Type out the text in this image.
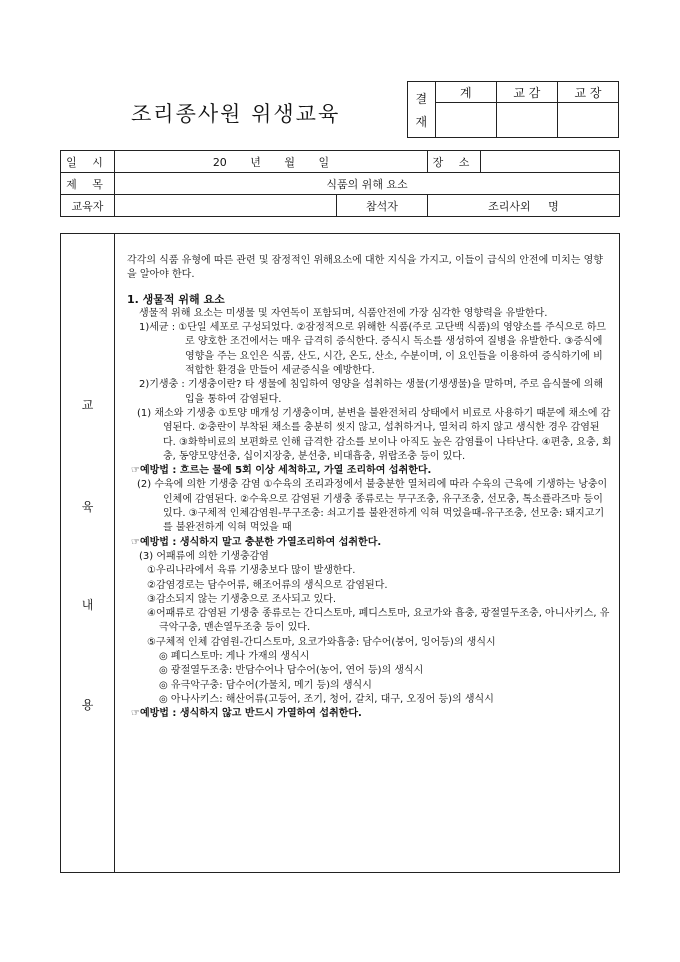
조리종사원 위생교육
결
재	계	교 감	교 장

일 시	20 년 월 일		장 소	
제 목	식품의 위해 요소			
교육자		참석자	조리사외 명	
교
육
내
용

각각의 식품 유형에 따른 관련 및 잠정적인 위해요소에 대한 지식을 가지고, 이들이 급식의 안전에 미치는 영향을 알아야 한다.

1. 생물적 위해 요소

생물적 위해 요소는 미생물 및 자연독이 포함되며, 식품안전에 가장 심각한 영향력을 유발한다.

1)세균 : ①단일 세포로 구성되었다. ②잠정적으로 위해한 식품(주로 고단백 식품)의 영양소를 주식으로 하므로 양호한 조건에서는 매우 급격히 증식한다. 증식시 독소를 생성하여 질병을 유발한다. ③증식에 영향을 주는 요인은 식품, 산도, 시간, 온도, 산소, 수분이며, 이 요인들을 이용하여 증식하기에 비 적합한 환경을 만들어 세균증식을 예방한다.

2)기생충 : 기생충이란? 타 생물에 침입하여 영양을 섭취하는 생물(기생생물)을 말하며, 주로 음식물에 의해 입을 통하여 감염된다.

(1) 채소와 기생충 ①토양 매개성 기생충이며, 분변을 불완전처리 상태에서 비료로 사용하기 때문에 채소에 감염된다. ②충란이 부착된 채소를 충분히 씻지 않고, 섭취하거나, 열처리 하지 않고 생식한 경우 감염된다. ③화학비료의 보편화로 인해 급격한 감소를 보이나 아직도 높은 감염률이 나타난다. ④편충, 요충, 회충, 동양모양선충, 십이지장충, 분선충, 비대흡충, 위랍조충 등이 있다.

☞예방법 : 흐르는 물에 5회 이상 세척하고, 가열 조리하여 섭취한다.

(2) 수육에 의한 기생충 감염 ①수육의 조리과정에서 불충분한 열처리에 따라 수육의 근육에 기생하는 낭충이 인체에 감염된다. ②수육으로 감염된 기생충 종류로는 무구조충, 유구조충, 선모충, 톡소플라즈마 등이 있다. ③구체적 인체감염원-무구조충: 쇠고기를 불완전하게 익혀 먹었을때-유구조충, 선모충: 돼지고기를 불완전하게 익혀 먹었을 때

☞예방법 : 생식하지 말고 충분한 가열조리하여 섭취한다.

(3) 어패류에 의한 기생충감염

①우리나라에서 육류 기생충보다 많이 발생한다.

②감염경로는 담수어류, 해조어류의 생식으로 감염된다.

③감소되지 않는 기생충으로 조사되고 있다.

④어패류로 감염된 기생충 종류로는 간디스토마, 폐디스토마, 요코가와 흡충, 광절열두조충, 아니사키스, 유극악구충, 맨손열두조충 등이 있다.

⑤구체적 인체 감염원-간디스토마, 요코가와흡충: 담수어(붕어, 잉어등)의 생식시

◎ 폐디스토마: 게나 가재의 생식시

◎ 광절열두조충: 반담수어나 담수어(농어, 연어 등)의 생식시

◎ 유극악구충: 담수어(가물치, 메기 등)의 생식시

◎ 아나사키스: 해산어류(고등어, 조기, 청어, 갈치, 대구, 오징어 등)의 생식시

☞예방법 : 생식하지 않고 반드시 가열하여 섭취한다.
